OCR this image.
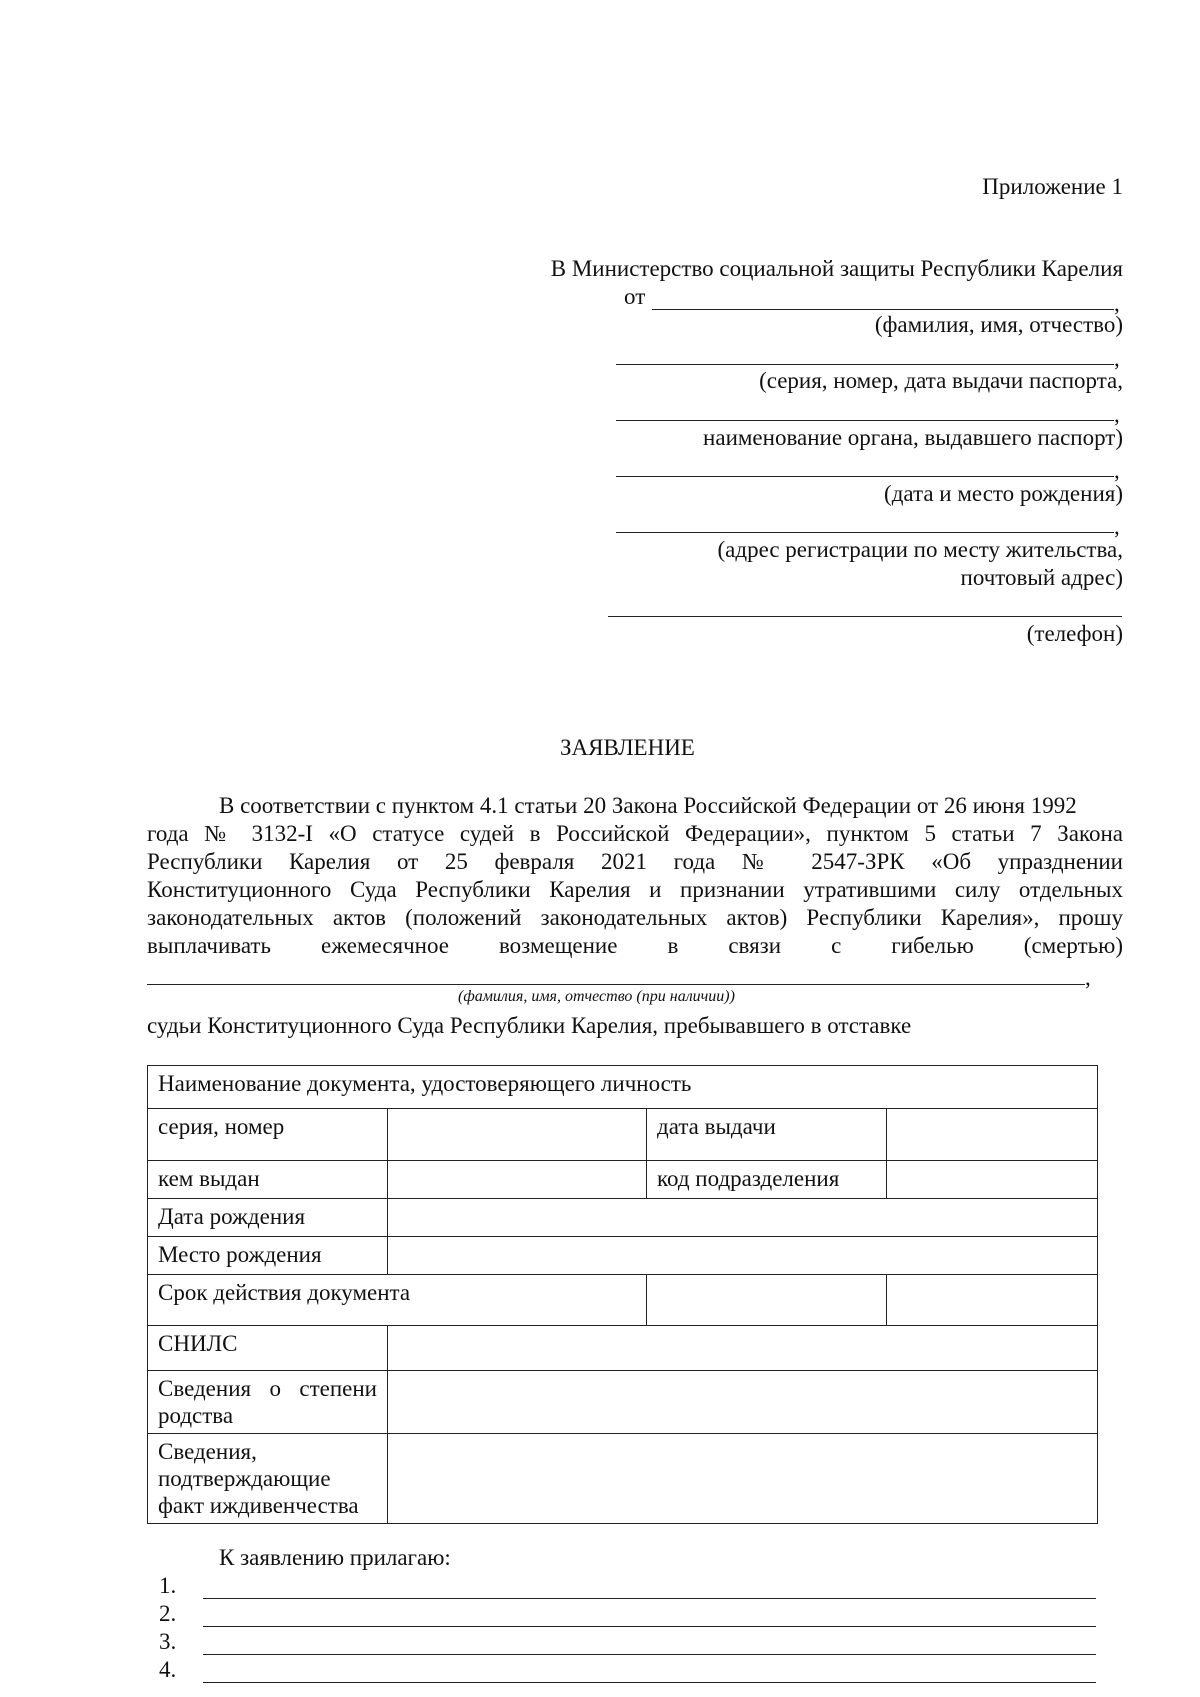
Приложение 1
В Министерство социальной защиты Республики Карелия
от	,
(фамилия, имя, отчество)
,
(серия, номер, дата выдачи паспорта,
,
наименование органа, выдавшего паспорт)
,
(дата и место рождения)
,
(адрес регистрации по месту жительства,
почтовый адрес)
(телефон)
ЗАЯВЛЕНИЕ
В соответствии с пунктом 4.1 статьи 20 Закона Российской Федерации от 26 июня 1992
года № 3132-I «О статусе судей в Российской Федерации», пунктом 5 статьи 7 Закона
Республики Карелия от 25 февраля 2021 года № 2547-ЗРК «Об упразднении
Конституционного Суда Республики Карелия и признании утратившими силу отдельных
законодательных актов (положений законодательных актов) Республики Карелия», прошу
выплачивать ежемесячное возмещение в связи с гибелью (смертью)
,
(фамилия, имя, отчество (при наличии))
судьи Конституционного Суда Республики Карелия, пребывавшего в отставке
Наименование документа, удостоверяющего личность			
серия, номер		дата выдачи	
кем выдан		код подразделения	
Дата рождения			
Место рождения			
Срок действия документа			
СНИЛС			

Сведения о степени
родства			

Сведения,
подтверждающие
факт иждивенчества			

К заявлению прилагаю:
1.
2.
3.
4.
